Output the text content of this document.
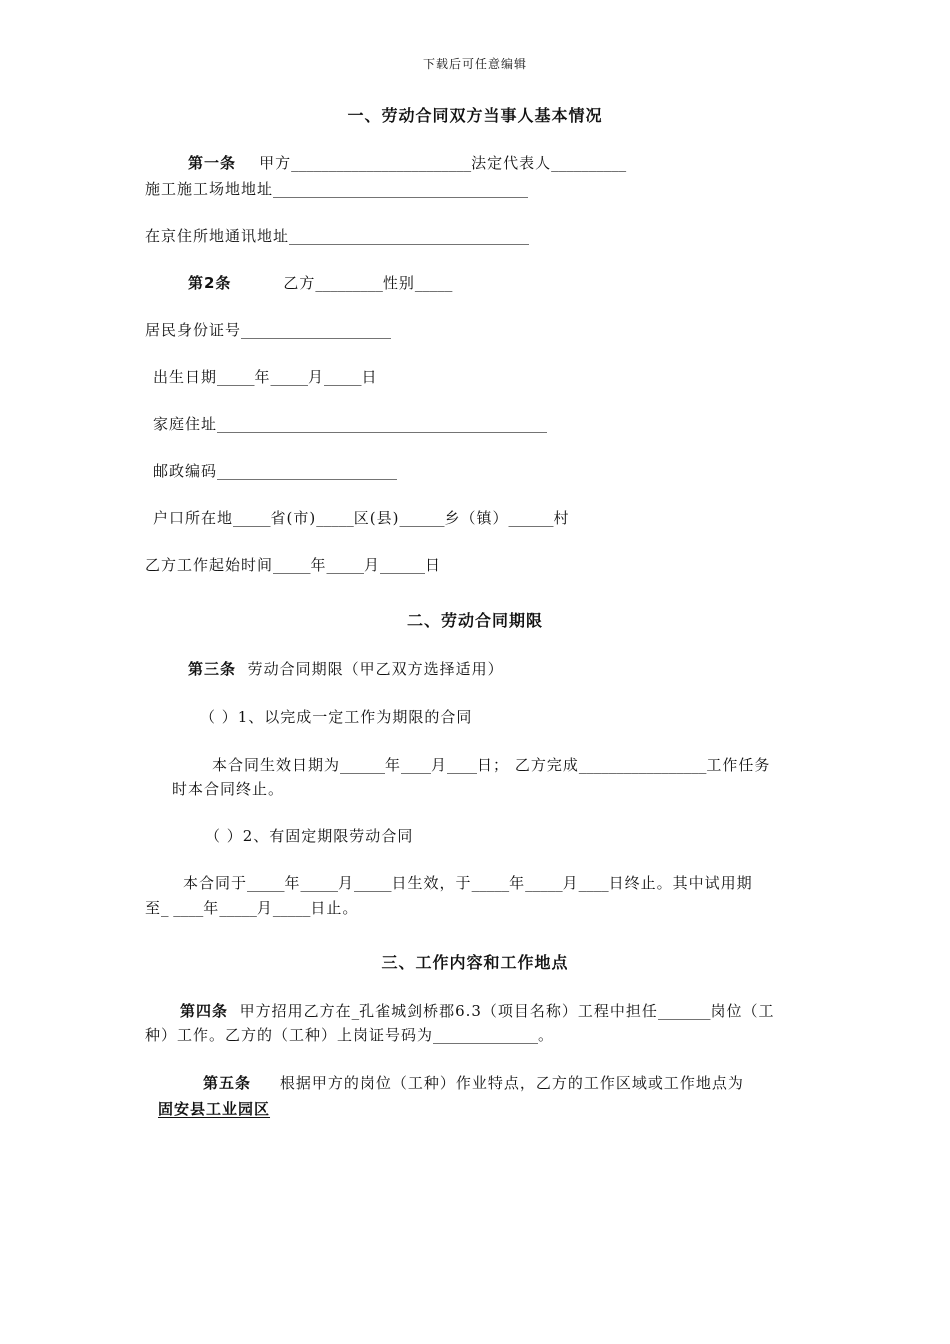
下载后可任意编辑
一、劳动合同双方当事人基本情况
第一条 甲方________________________法定代表人__________
施工施工场地地址__________________________________
在京住所地通讯地址________________________________
第2条	乙方_________性别_____
居民身份证号____________________
出生日期_____年_____月_____日
家庭住址____________________________________________
邮政编码________________________
户口所在地_____省(市)_____区(县)______乡（镇）______村
乙方工作起始时间_____年_____月______日
二、劳动合同期限
第三条 劳动合同期限（甲乙双方选择适用）
（ ）1、以完成一定工作为期限的合同
本合同生效日期为______年____月____日； 乙方完成_________________工作任务
时本合同终止。
（ ）2、有固定期限劳动合同
本合同于_____年_____月_____日生效，于_____年_____月____日终止。其中试用期
至_ ____年_____月_____日止。
三、工作内容和工作地点
第四条 甲方招用乙方在_孔雀城剑桥郡6.3（项目名称）工程中担任_______岗位（工
种）工作。乙方的（工种）上岗证号码为______________。
第五条 根据甲方的岗位（工种）作业特点，乙方的工作区域或工作地点为
固安县工业园区
